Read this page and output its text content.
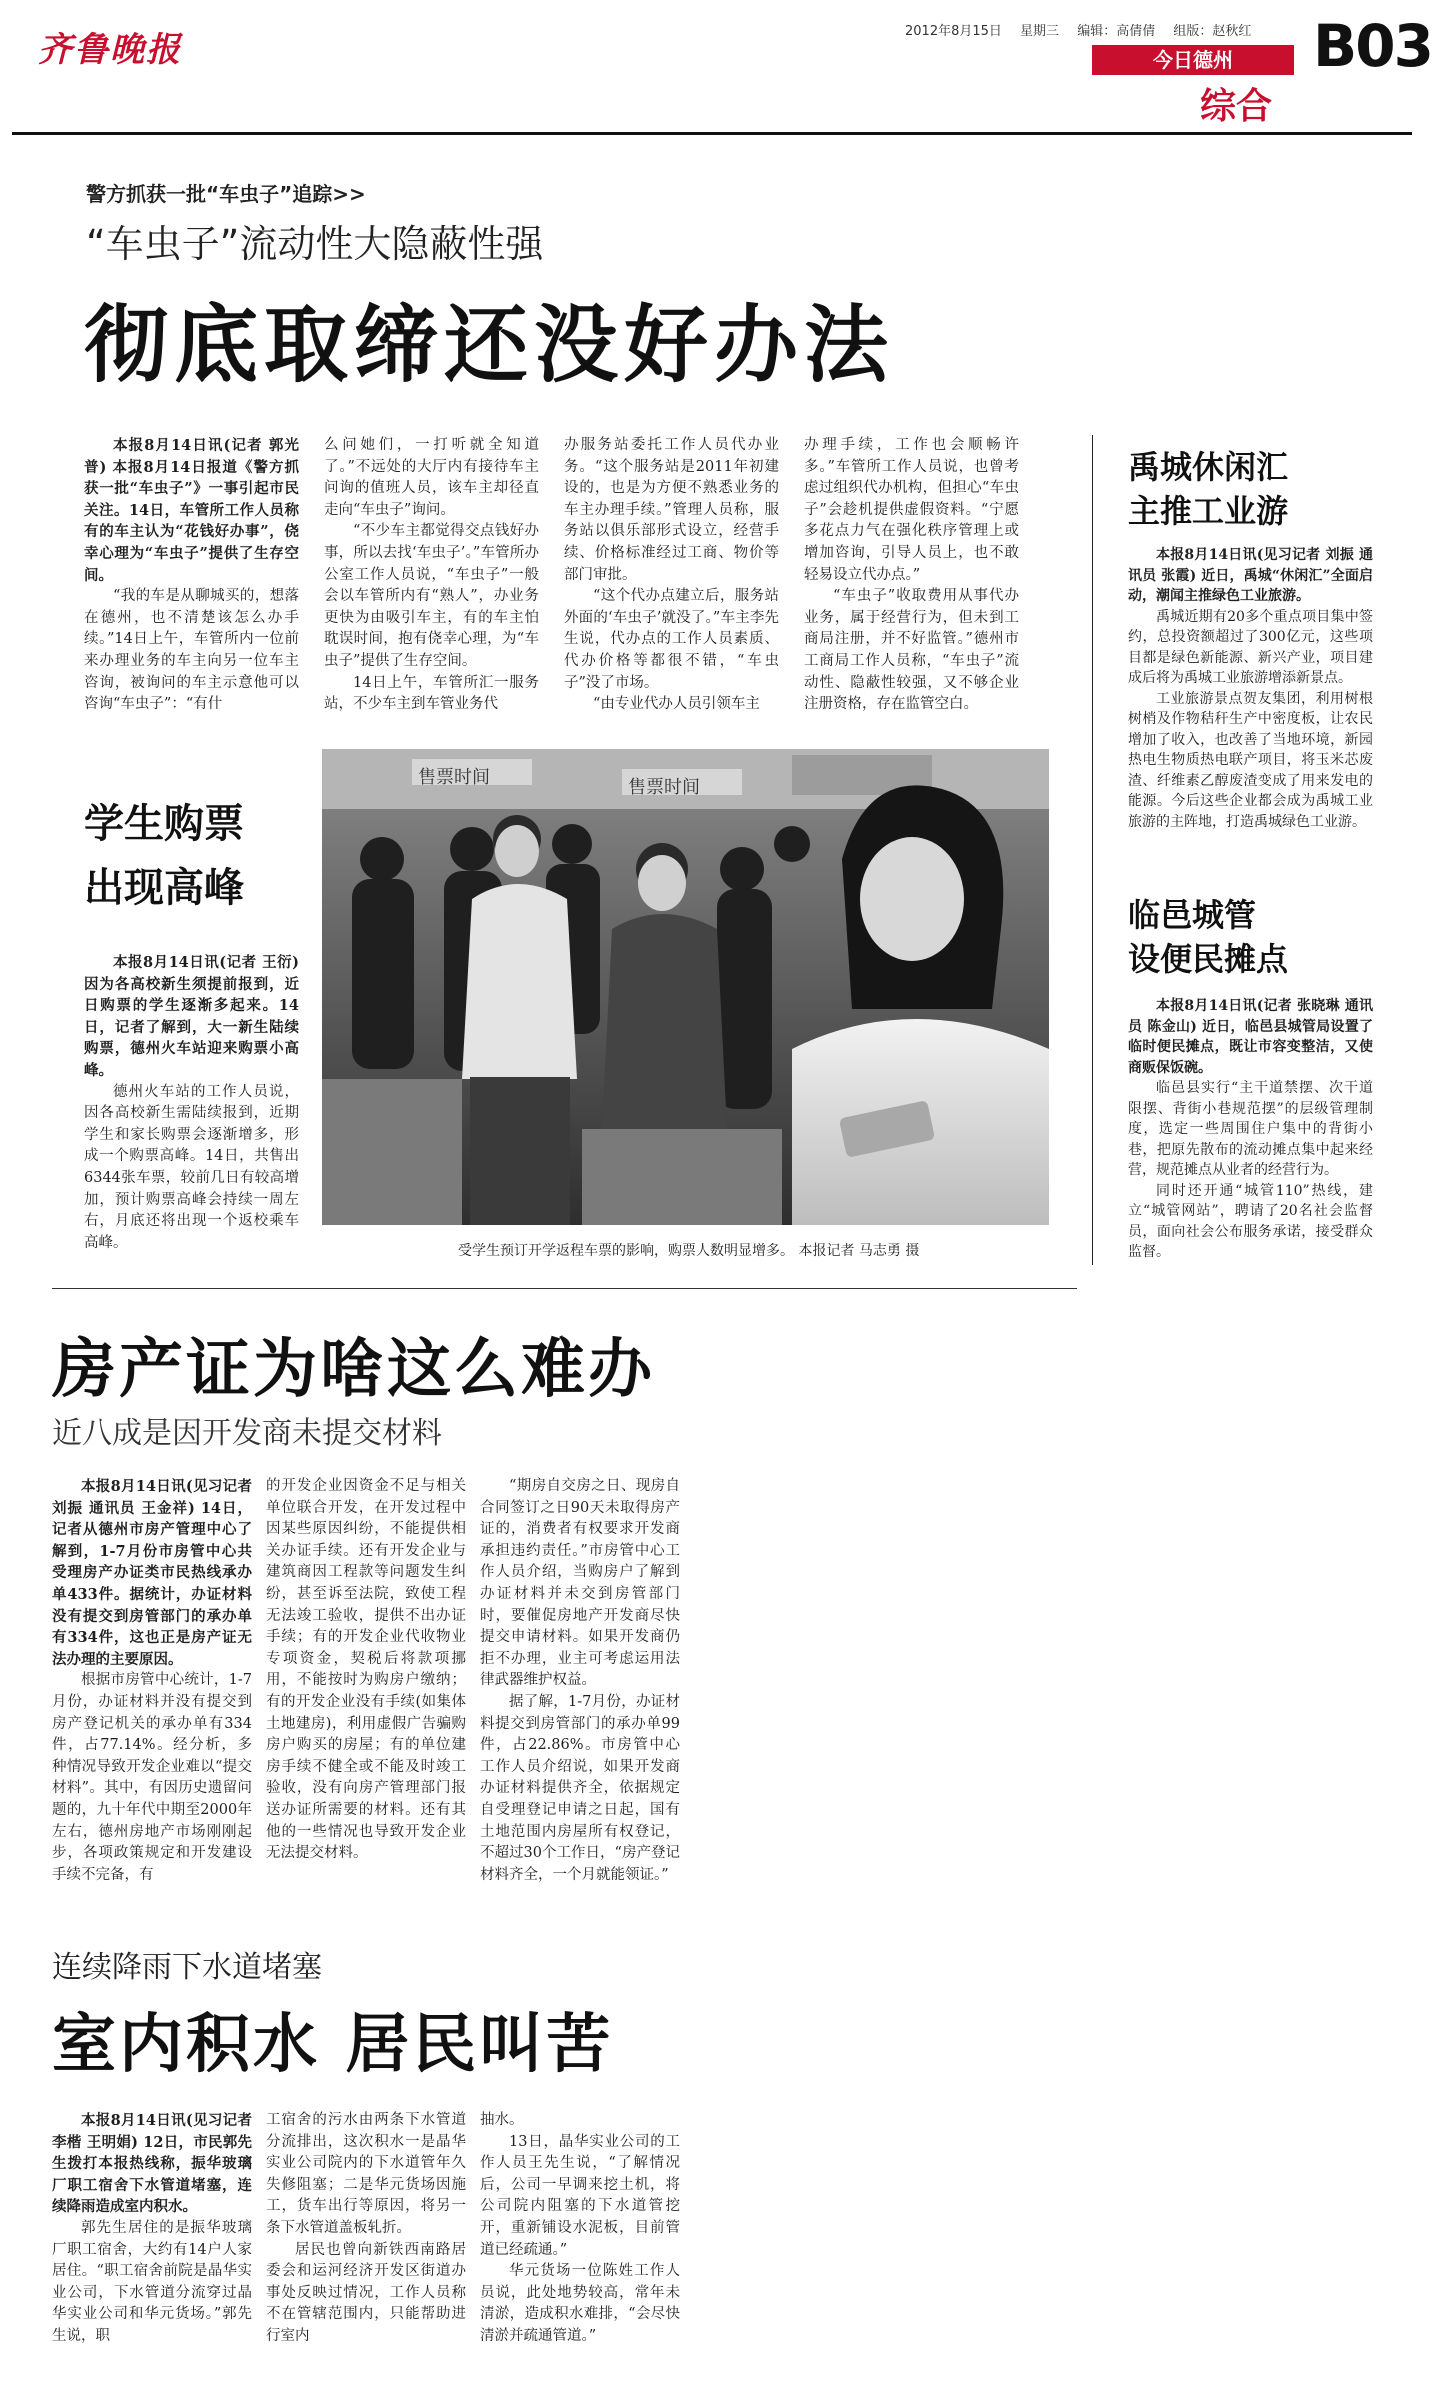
齐鲁晚报	2012年8月15日 星期三 编辑：高倩倩 组版：赵秋红 B03
今日德州
综合
警方抓获一批“车虫子”追踪>>
“车虫子”流动性大隐蔽性强
彻底取缔还没好办法

本报8月14日讯(记者 郭光普) 本报8月14日报道《警方抓获一批“车虫子”》一事引起市民关注。14日，车管所工作人员称有的车主认为“花钱好办事”，侥幸心理为“车虫子”提供了生存空间。

“我的车是从聊城买的，想落在德州，也不清楚该怎么办手续。”14日上午，车管所内一位前来办理业务的车主向另一位车主咨询，被询问的车主示意他可以咨询“车虫子”：“有什

么问她们，一打听就全知道了。”不远处的大厅内有接待车主问询的值班人员，该车主却径直走向“车虫子”询问。

“不少车主都觉得交点钱好办事，所以去找‘车虫子’。”车管所办公室工作人员说，“车虫子”一般会以车管所内有“熟人”，办业务更快为由吸引车主，有的车主怕耽误时间，抱有侥幸心理，为“车虫子”提供了生存空间。

14日上午，车管所汇一服务站，不少车主到车管业务代

办服务站委托工作人员代办业务。“这个服务站是2011年初建设的，也是为方便不熟悉业务的车主办理手续。”管理人员称，服务站以俱乐部形式设立，经营手续、价格标准经过工商、物价等部门审批。

“这个代办点建立后，服务站外面的‘车虫子’就没了。”车主李先生说，代办点的工作人员素质、代办价格等都很不错，“车虫子”没了市场。

“由专业代办人员引领车主

办理手续，工作也会顺畅许多。”车管所工作人员说，也曾考虑过组织代办机构，但担心“车虫子”会趁机提供虚假资料。“宁愿多花点力气在强化秩序管理上或增加咨询，引导人员上，也不敢轻易设立代办点。”

“车虫子”收取费用从事代办业务，属于经营行为，但未到工商局注册，并不好监管。”德州市工商局工作人员称，“车虫子”流动性、隐蔽性较强，又不够企业注册资格，存在监管空白。

禹城休闲汇
主推工业游

本报8月14日讯(见习记者 刘振 通讯员 张霞) 近日，禹城“休闲汇”全面启动，潮闻主推绿色工业旅游。

禹城近期有20多个重点项目集中签约，总投资额超过了300亿元，这些项目都是绿色新能源、新兴产业，项目建成后将为禹城工业旅游增添新景点。

工业旅游景点贺友集团，利用树根树梢及作物秸秆生产中密度板，让农民增加了收入，也改善了当地环境，新园热电生物质热电联产项目，将玉米芯废渣、纤维素乙醇废渣变成了用来发电的能源。今后这些企业都会成为禹城工业旅游的主阵地，打造禹城绿色工业游。

临邑城管
设便民摊点

本报8月14日讯(记者 张晓琳 通讯员 陈金山) 近日，临邑县城管局设置了临时便民摊点，既让市容变整洁，又使商贩保饭碗。

临邑县实行“主干道禁摆、次干道限摆、背街小巷规范摆”的层级管理制度，选定一些周围住户集中的背街小巷，把原先散布的流动摊点集中起来经营，规范摊点从业者的经营行为。

同时还开通“城管110”热线，建立“城管网站”，聘请了20名社会监督员，面向社会公布服务承诺，接受群众监督。

学生购票
出现高峰

本报8月14日讯(记者 王衍) 因为各高校新生须提前报到，近日购票的学生逐渐多起来。14日，记者了解到，大一新生陆续购票，德州火车站迎来购票小高峰。

德州火车站的工作人员说，因各高校新生需陆续报到，近期学生和家长购票会逐渐增多，形成一个购票高峰。14日，共售出6344张车票，较前几日有较高增加，预计购票高峰会持续一周左右，月底还将出现一个返校乘车高峰。

售票时间	售票时间
受学生预订开学返程车票的影响，购票人数明显增多。 本报记者 马志勇 摄
房产证为啥这么难办
近八成是因开发商未提交材料

本报8月14日讯(见习记者 刘振 通讯员 王金祥) 14日，记者从德州市房产管理中心了解到，1-7月份市房管中心共受理房产办证类市民热线承办单433件。据统计，办证材料没有提交到房管部门的承办单有334件，这也正是房产证无法办理的主要原因。

根据市房管中心统计，1-7月份，办证材料并没有提交到房产登记机关的承办单有334件，占77.14%。经分析，多种情况导致开发企业难以“提交材料”。其中，有因历史遗留问题的，九十年代中期至2000年左右，德州房地产市场刚刚起步，各项政策规定和开发建设手续不完备，有

的开发企业因资金不足与相关单位联合开发，在开发过程中因某些原因纠纷，不能提供相关办证手续。还有开发企业与建筑商因工程款等问题发生纠纷，甚至诉至法院，致使工程无法竣工验收，提供不出办证手续；有的开发企业代收物业专项资金，契税后将款项挪用，不能按时为购房户缴纳；有的开发企业没有手续(如集体土地建房)，利用虚假广告骗购房户购买的房屋；有的单位建房手续不健全或不能及时竣工验收，没有向房产管理部门报送办证所需要的材料。还有其他的一些情况也导致开发企业无法提交材料。

“期房自交房之日、现房自合同签订之日90天未取得房产证的，消费者有权要求开发商承担违约责任。”市房管中心工作人员介绍，当购房户了解到办证材料并未交到房管部门时，要催促房地产开发商尽快提交申请材料。如果开发商仍拒不办理，业主可考虑运用法律武器维护权益。

据了解，1-7月份，办证材料提交到房管部门的承办单99件，占22.86%。市房管中心工作人员介绍说，如果开发商办证材料提供齐全，依据规定自受理登记申请之日起，国有土地范围内房屋所有权登记，不超过30个工作日，“房产登记材料齐全，一个月就能领证。”

连续降雨下水道堵塞
室内积水 居民叫苦

本报8月14日讯(见习记者 李楷 王明娟) 12日，市民郭先生拨打本报热线称，振华玻璃厂职工宿舍下水管道堵塞，连续降雨造成室内积水。

郭先生居住的是振华玻璃厂职工宿舍，大约有14户人家居住。“职工宿舍前院是晶华实业公司，下水管道分流穿过晶华实业公司和华元货场。”郭先生说，职

工宿舍的污水由两条下水管道分流排出，这次积水一是晶华实业公司院内的下水道管年久失修阻塞；二是华元货场因施工，货车出行等原因，将另一条下水管道盖板轧折。

居民也曾向新铁西南路居委会和运河经济开发区街道办事处反映过情况，工作人员称不在管辖范围内，只能帮助进行室内

抽水。

13日，晶华实业公司的工作人员王先生说，“了解情况后，公司一早调来挖土机，将公司院内阻塞的下水道管挖开，重新铺设水泥板，目前管道已经疏通。”

华元货场一位陈姓工作人员说，此处地势较高，常年未清淤，造成积水难排，“会尽快清淤并疏通管道。”
